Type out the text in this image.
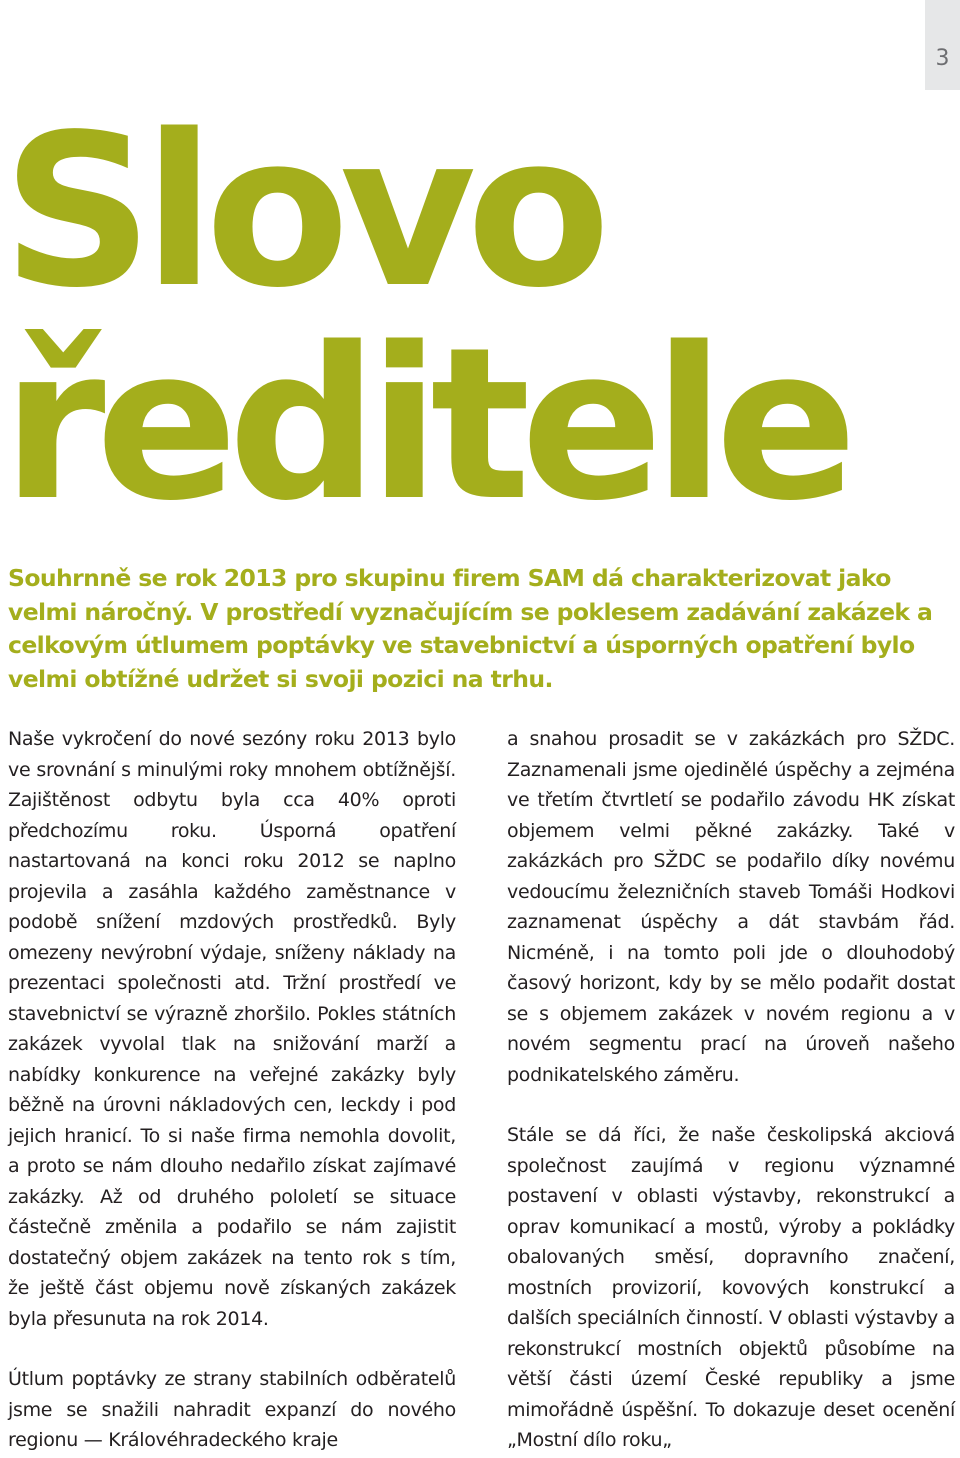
3
Slovo
ředitele

Souhrnně se rok 2013 pro skupinu firem SAM dá charakterizovat jako velmi náročný. V prostředí vyznačujícím se poklesem zadávání zakázek a celkovým útlumem poptávky ve stavebnictví a úsporných opatření bylo velmi obtížné udržet si svoji pozici na trhu.

Naše vykročení do nové sezóny roku 2013 bylo ve srovnání s minulými roky mnohem obtížnější. Zajištěnost odbytu byla cca 40% oproti předchozímu roku. Úsporná opatření nastartovaná na konci roku 2012 se naplno projevila a zasáhla každého zaměstnance v podobě snížení mzdových prostředků. Byly omezeny nevýrobní výdaje, sníženy náklady na prezentaci společnosti atd. Tržní prostředí ve stavebnictví se výrazně zhoršilo. Pokles státních zakázek vyvolal tlak na snižování marží a nabídky konkurence na veřejné zakázky byly běžně na úrovni nákladových cen, leckdy i pod jejich hranicí. To si naše firma nemohla dovolit, a proto se nám dlouho nedařilo získat zajímavé zakázky. Až od druhého pololetí se situace částečně změnila a podařilo se nám zajistit dostatečný objem zakázek na tento rok s tím, že ještě část objemu nově získaných zakázek byla přesunuta na rok 2014.

Útlum poptávky ze strany stabilních odběratelů jsme se snažili nahradit expanzí do nového regionu — Královéhradeckého kraje

a snahou prosadit se v zakázkách pro SŽDC. Zaznamenali jsme ojedinělé úspěchy a zejména ve třetím čtvrtletí se podařilo závodu HK získat objemem velmi pěkné zakázky. Také v zakázkách pro SŽDC se podařilo díky novému vedoucímu železničních staveb Tomáši Hodkovi zaznamenat úspěchy a dát stavbám řád. Nicméně, i na tomto poli jde o dlouhodobý časový horizont, kdy by se mělo podařit dostat se s objemem zakázek v novém regionu a v novém segmentu prací na úroveň našeho podnikatelského záměru.

Stále se dá říci, že naše českolipská akciová společnost zaujímá v regionu významné postavení v oblasti výstavby, rekonstrukcí a oprav komunikací a mostů, výroby a pokládky obalovaných směsí, dopravního značení, mostních provizorií, kovových konstrukcí a dalších speciálních činností. V oblasti výstavby a rekonstrukcí mostních objektů působíme na větší části území České republiky a jsme mimořádně úspěšní. To dokazuje deset ocenění „Mostní dílo roku„
